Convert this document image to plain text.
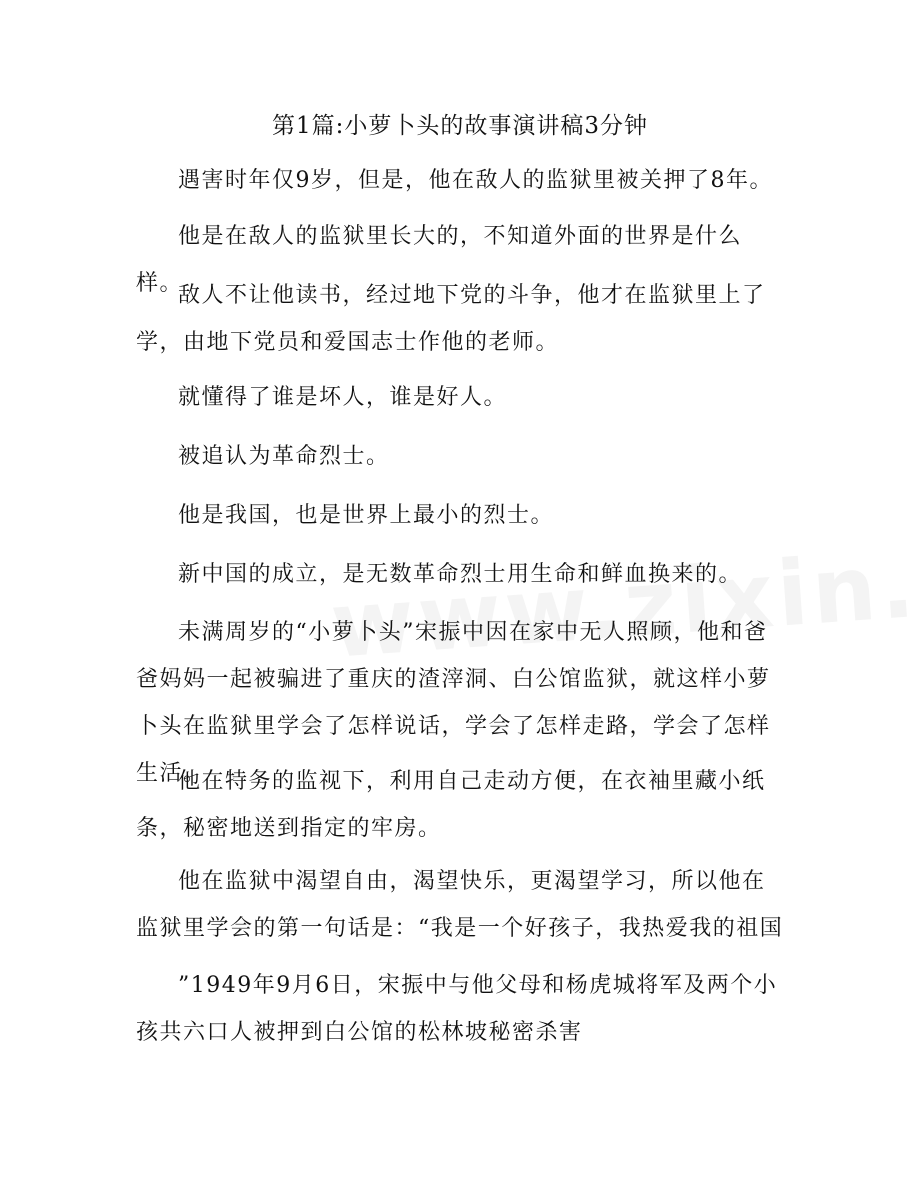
第1篇:小萝卜头的故事演讲稿3分钟

遇害时年仅9岁，但是，他在敌人的监狱里被关押了8年。

他是在敌人的监狱里长大的，不知道外面的世界是什么样。

敌人不让他读书，经过地下党的斗争，他才在监狱里上了学，由地下党员和爱国志士作他的老师。

就懂得了谁是坏人，谁是好人。

被追认为革命烈士。

他是我国，也是世界上最小的烈士。

新中国的成立，是无数革命烈士用生命和鲜血换来的。

未满周岁的“小萝卜头”宋振中因在家中无人照顾，他和爸爸妈妈一起被骗进了重庆的渣滓洞、白公馆监狱，就这样小萝卜头在监狱里学会了怎样说话，学会了怎样走路，学会了怎样生活。

他在特务的监视下，利用自己走动方便，在衣袖里藏小纸条，秘密地送到指定的牢房。

他在监狱中渴望自由，渴望快乐，更渴望学习，所以他在监狱里学会的第一句话是：“我是一个好孩子，我热爱我的祖国

”1949年9月6日，宋振中与他父母和杨虎城将军及两个小孩共六口人被押到白公馆的松林坡秘密杀害
